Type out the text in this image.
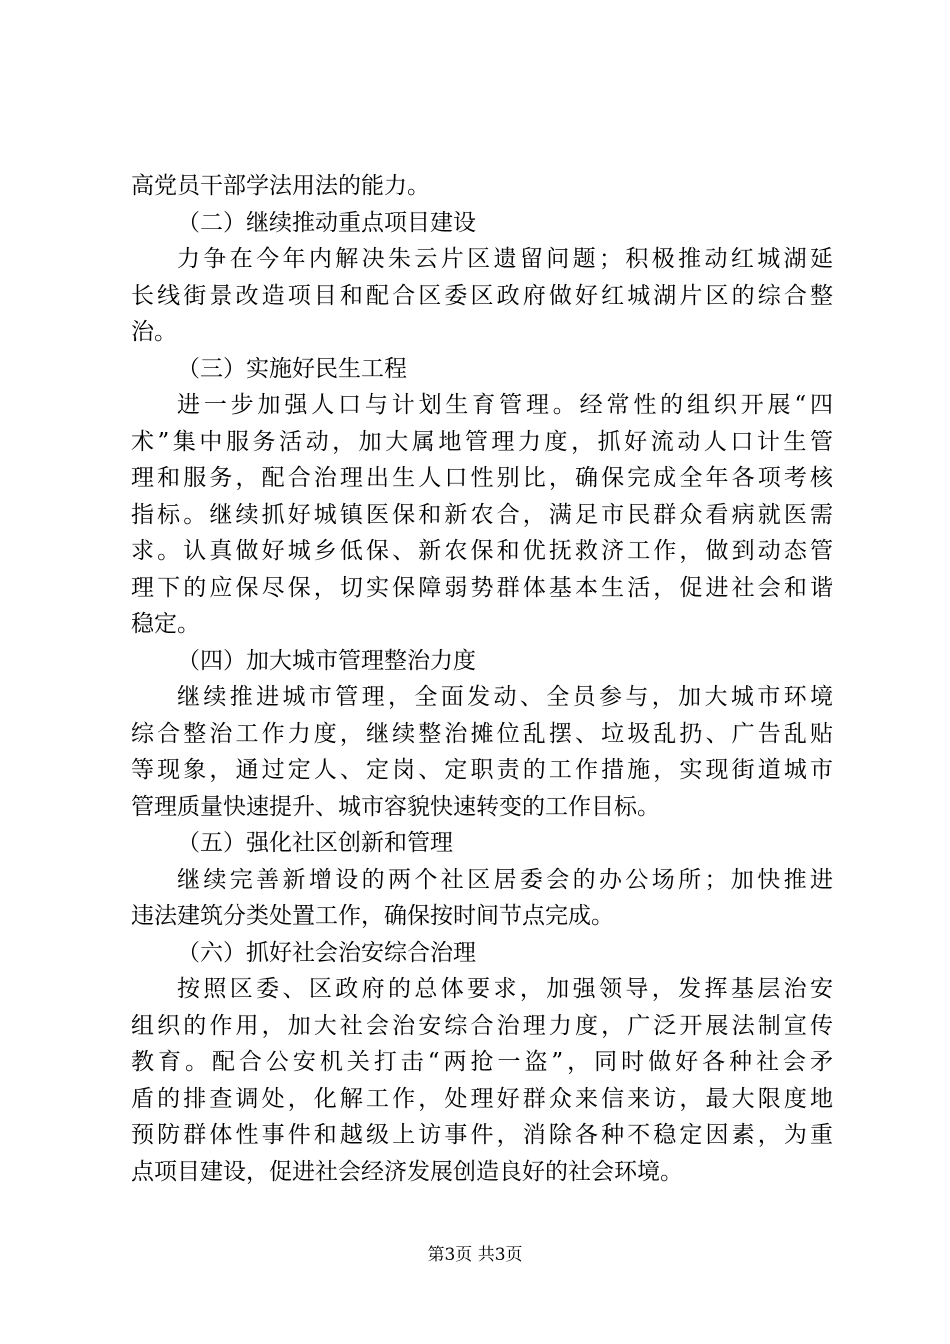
高党员干部学法用法的能力。
（二）继续推动重点项目建设
力争在今年内解决朱云片区遗留问题；积极推动红城湖延
长线街景改造项目和配合区委区政府做好红城湖片区的综合整
治。
（三）实施好民生工程
进一步加强人口与计划生育管理。经常性的组织开展“四
术”集中服务活动，加大属地管理力度，抓好流动人口计生管
理和服务，配合治理出生人口性别比，确保完成全年各项考核
指标。继续抓好城镇医保和新农合，满足市民群众看病就医需
求。认真做好城乡低保、新农保和优抚救济工作，做到动态管
理下的应保尽保，切实保障弱势群体基本生活，促进社会和谐
稳定。
（四）加大城市管理整治力度
继续推进城市管理，全面发动、全员参与，加大城市环境
综合整治工作力度，继续整治摊位乱摆、垃圾乱扔、广告乱贴
等现象，通过定人、定岗、定职责的工作措施，实现街道城市
管理质量快速提升、城市容貌快速转变的工作目标。
（五）强化社区创新和管理
继续完善新增设的两个社区居委会的办公场所；加快推进
违法建筑分类处置工作，确保按时间节点完成。
（六）抓好社会治安综合治理
按照区委、区政府的总体要求，加强领导，发挥基层治安
组织的作用，加大社会治安综合治理力度，广泛开展法制宣传
教育。配合公安机关打击“两抢一盗”，同时做好各种社会矛
盾的排查调处，化解工作，处理好群众来信来访，最大限度地
预防群体性事件和越级上访事件，消除各种不稳定因素，为重
点项目建设，促进社会经济发展创造良好的社会环境。
第3页 共3页
